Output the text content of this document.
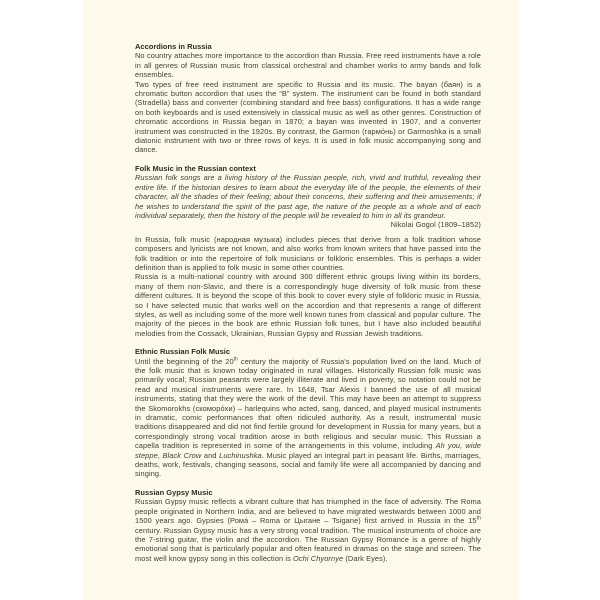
Accordions in Russia

No country attaches more importance to the accordion than Russia. Free reed instruments have a role in all genres of Russian music from classical orchestral and chamber works to army bands and folk ensembles.

Two types of free reed instrument are specific to Russia and its music. The bayan (баян) is a chromatic button accordion that uses the “B” system. The instrument can be found in both standard (Stradella) bass and converter (combining standard and free bass) configurations. It has a wide range on both keyboards and is used extensively in classical music as well as other genres. Construction of chromatic accordions in Russia began in 1870; a bayan was invented in 1907, and a converter instrument was constructed in the 1920s. By contrast, the Garmon (гармо́нь) or Garmoshka is a small diatonic instrument with two or three rows of keys. It is used in folk music accompanying song and dance.

Folk Music in the Russian context

Russian folk songs are a living history of the Russian people, rich, vivid and truthful, revealing their entire life. If the historian desires to learn about the everyday life of the people, the elements of their character, all the shades of their feeling; about their concerns, their suffering and their amusements; if he wishes to understand the spirit of the past age, the nature of the people as a whole and of each individual separately, then the history of the people will be revealed to him in all its grandeur.

Nikolai Gogol (1809–1852)

In Russia, folk music (народная музыка) includes pieces that derive from a folk tradition whose composers and lyricists are not known, and also works from known writers that have passed into the folk tradition or into the repertoire of folk musicians or folkloric ensembles. This is perhaps a wider definition than is applied to folk music in some other countries.

Russia is a multi-national country with around 300 different ethnic groups living within its borders, many of them non-Slavic, and there is a correspondingly huge diversity of folk music from these different cultures. It is beyond the scope of this book to cover every style of folkloric music in Russia, so I have selected music that works well on the accordion and that represents a range of different styles, as well as including some of the more well known tunes from classical and popular culture. The majority of the pieces in the book are ethnic Russian folk tunes, but I have also included beautiful melodies from the Cossack, Ukrainian, Russian Gypsy and Russian Jewish traditions.

Ethnic Russian Folk Music

Until the beginning of the 20th century the majority of Russia's population lived on the land. Much of the folk music that is known today originated in rural villages. Historically Russian folk music was primarily vocal; Russian peasants were largely illiterate and lived in poverty, so notation could not be read and musical instruments were rare. In 1648, Tsar Alexis I banned the use of all musical instruments, stating that they were the work of the devil. This may have been an attempt to suppress the Skomorokhs (скоморо́хи) – harlequins who acted, sang, danced, and played musical instruments in dramatic, comic performances that often ridiculed authority. As a result, instrumental music traditions disappeared and did not find fertile ground for development in Russia for many years, but a correspondingly strong vocal tradition arose in both religious and secular music. This Russian a capella tradition is represented in some of the arrangements in this volume, including Ah you, wide steppe, Black Crow and Luchinushka. Music played an integral part in peasant life. Births, marriages, deaths, work, festivals, changing seasons, social and family life were all accompanied by dancing and singing.

Russian Gypsy Music

Russian Gypsy music reflects a vibrant culture that has triumphed in the face of adversity. The Roma people originated in Northern India, and are believed to have migrated westwards between 1000 and 1500 years ago. Gypsies (Ромá – Roma or Цыгане – Tsigane) first arrived in Russia in the 15th century. Russian Gypsy music has a very strong vocal tradition. The musical instruments of choice are the 7-string guitar, the violin and the accordion. The Russian Gypsy Romance is a genre of highly emotional song that is particularly popular and often featured in dramas on the stage and screen. The most well know gypsy song in this collection is Ochi Chyornye (Dark Eyes).
